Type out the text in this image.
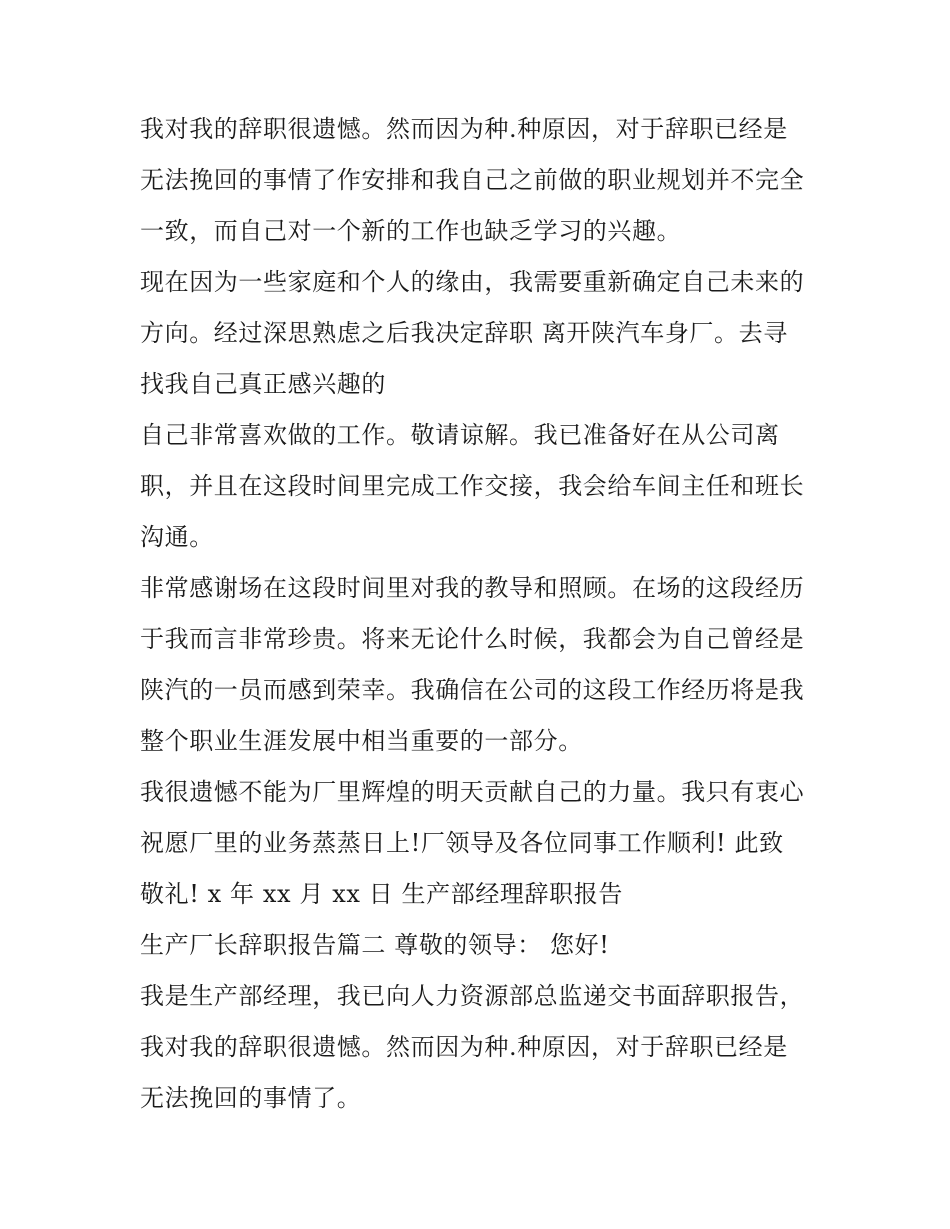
我对我的辞职很遗憾。然而因为种.种原因，对于辞职已经是
无法挽回的事情了作安排和我自己之前做的职业规划并不完全
一致，而自己对一个新的工作也缺乏学习的兴趣。
现在因为一些家庭和个人的缘由，我需要重新确定自己未来的
方向。经过深思熟虑之后我决定辞职 离开陕汽车身厂。去寻
找我自己真正感兴趣的
自己非常喜欢做的工作。敬请谅解。我已准备好在从公司离
职，并且在这段时间里完成工作交接，我会给车间主任和班长
沟通。
非常感谢场在这段时间里对我的教导和照顾。在场的这段经历
于我而言非常珍贵。将来无论什么时候，我都会为自己曾经是
陕汽的一员而感到荣幸。我确信在公司的这段工作经历将是我
整个职业生涯发展中相当重要的一部分。
我很遗憾不能为厂里辉煌的明天贡献自己的力量。我只有衷心
祝愿厂里的业务蒸蒸日上!厂领导及各位同事工作顺利! 此致
敬礼! x 年 xx 月 xx 日 生产部经理辞职报告
生产厂长辞职报告篇二 尊敬的领导： 您好!
我是生产部经理，我已向人力资源部总监递交书面辞职报告，
我对我的辞职很遗憾。然而因为种.种原因，对于辞职已经是
无法挽回的事情了。
